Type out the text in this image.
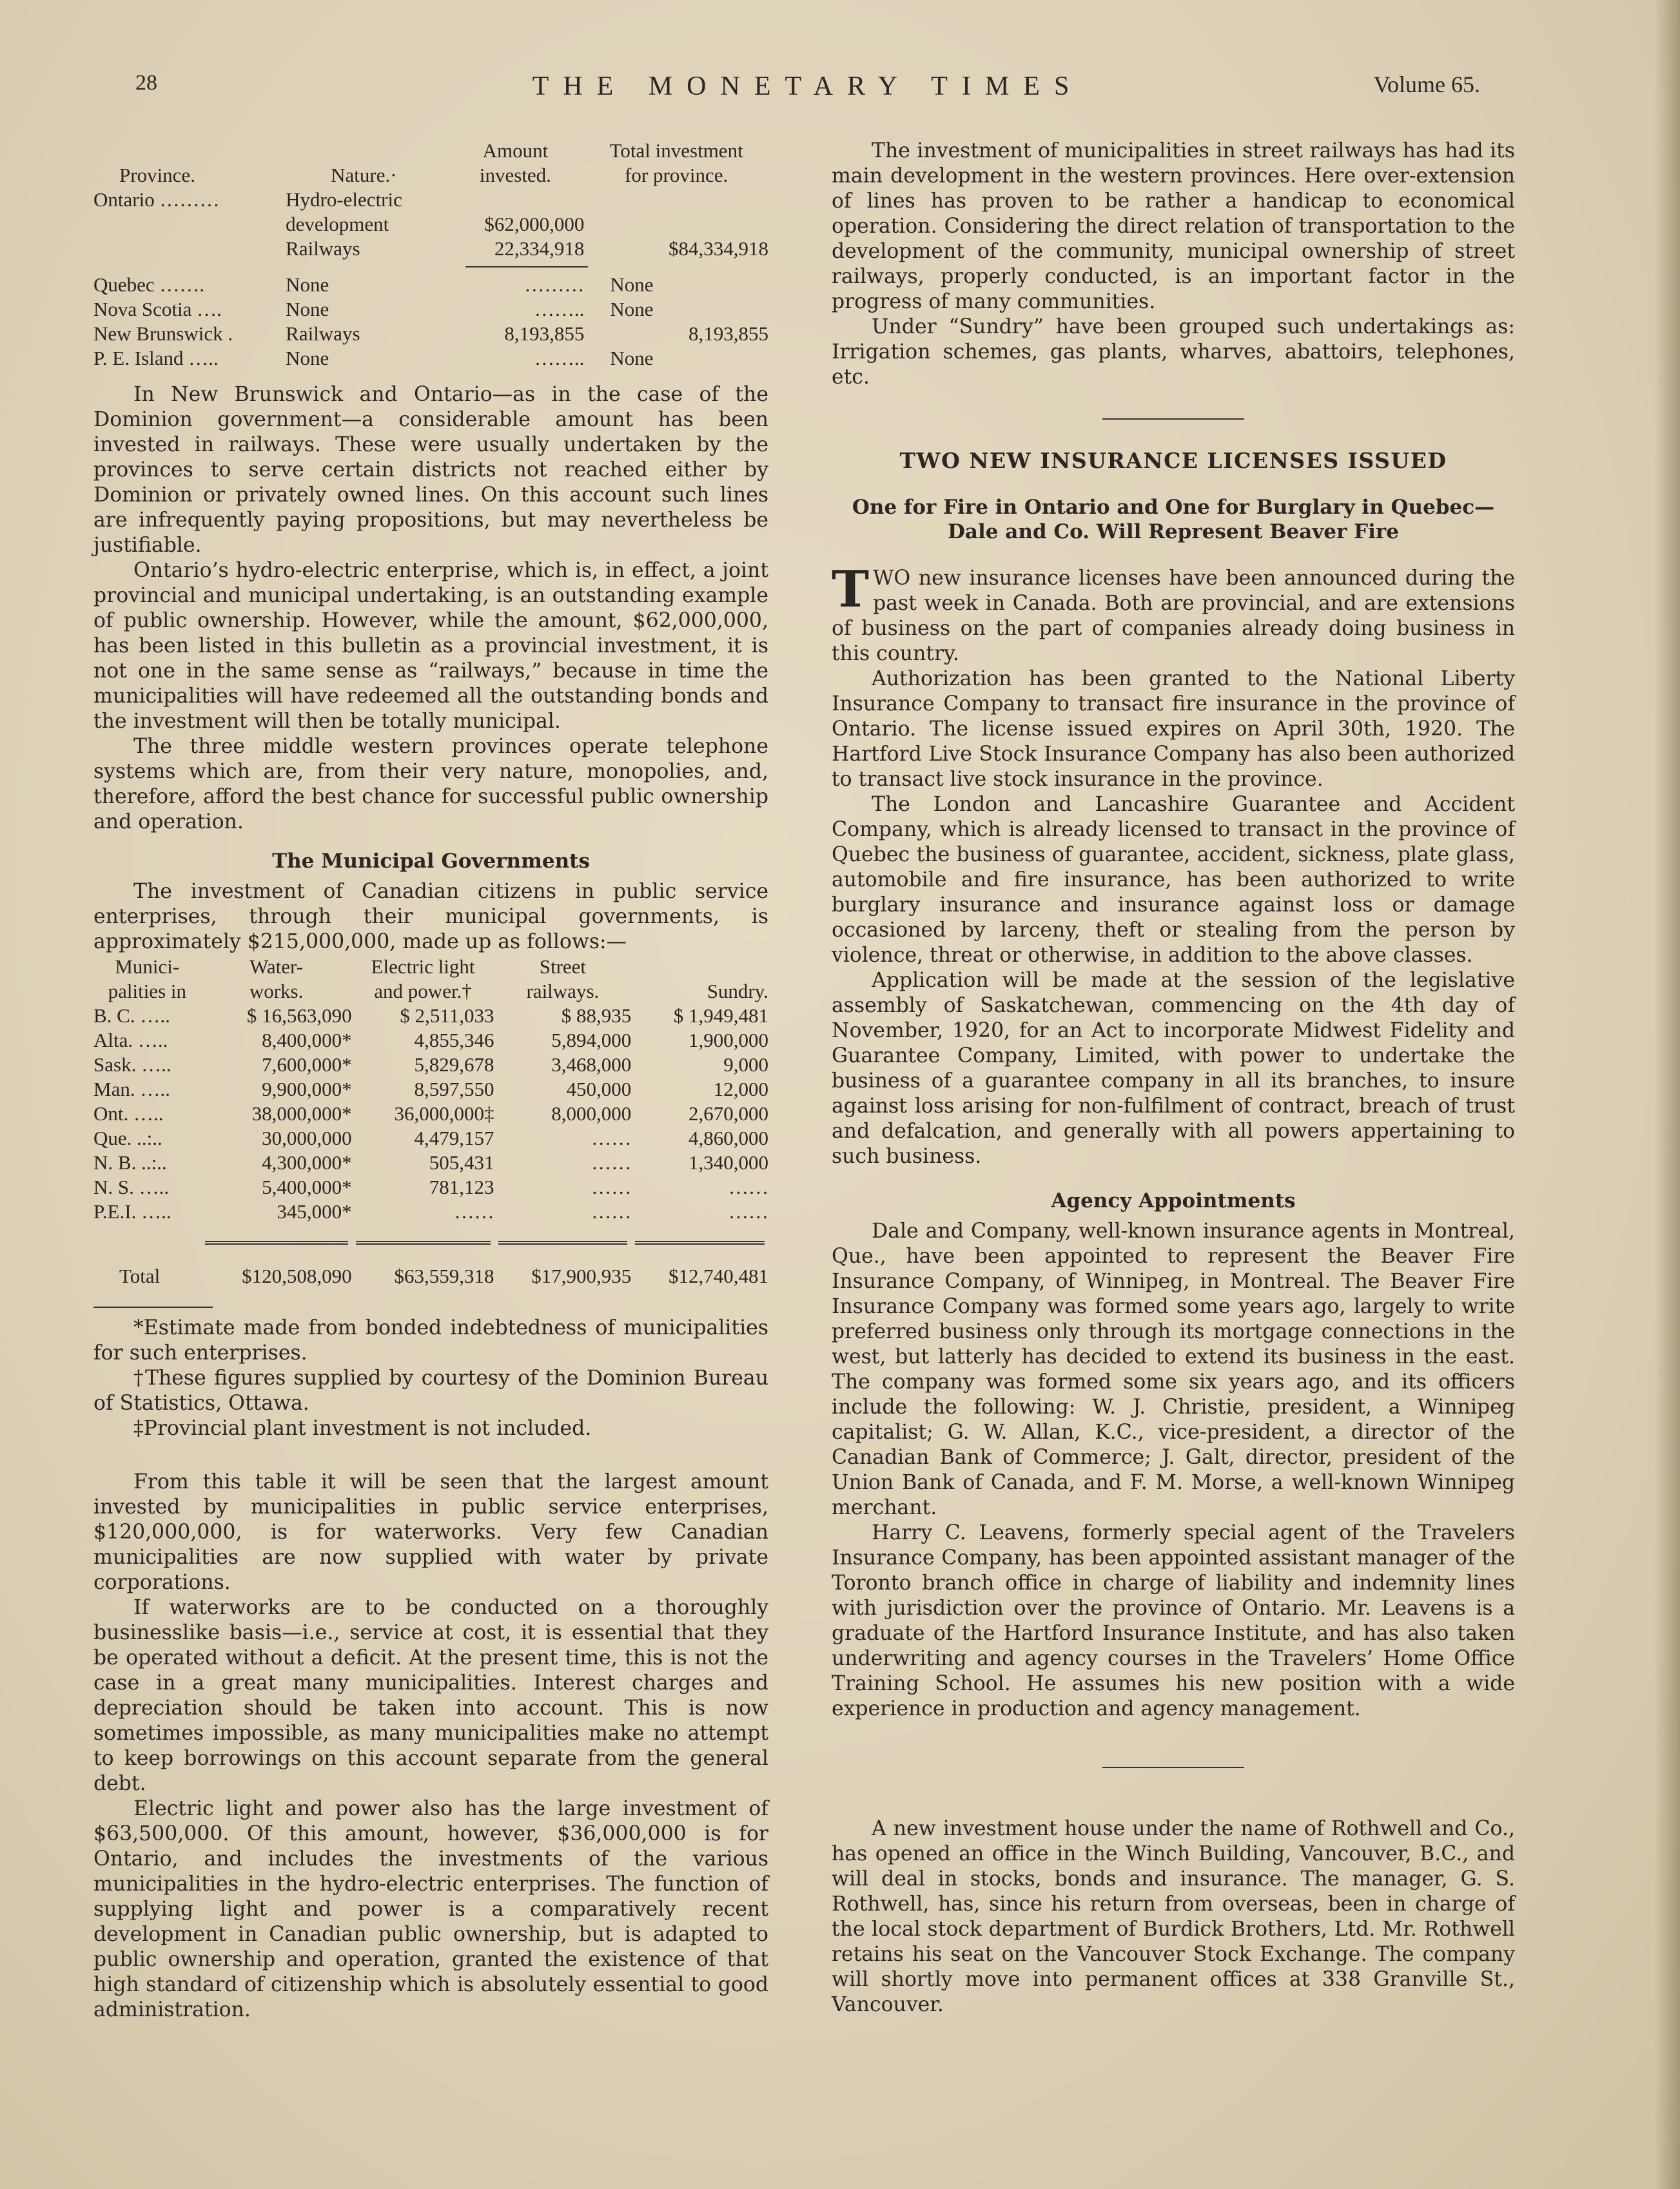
28	THE MONETARY TIMES	Volume 65.
		Amount	Total investment
Province.	Nature.·	invested.	for province.
Ontario ………	Hydro-electric		
	development	$62,000,000	
	Railways	22,334,918	$84,334,918

Quebec …….	None	………	None
Nova Scotia ….	None	……..	None
New Brunswick .	Railways	8,193,855	8,193,855
P. E. Island …..	None	……..	None

In New Brunswick and Ontario—as in the case of the Dominion government—a considerable amount has been invested in railways. These were usually undertaken by the provinces to serve certain districts not reached either by Dominion or privately owned lines. On this account such lines are infrequently paying propositions, but may nevertheless be justifiable.

Ontario’s hydro-electric enterprise, which is, in effect, a joint provincial and municipal undertaking, is an outstanding example of public ownership. However, while the amount, $62,000,000, has been listed in this bulletin as a provincial investment, it is not one in the same sense as “railways,” because in time the municipalities will have redeemed all the outstanding bonds and the investment will then be totally municipal.

The three middle western provinces operate telephone systems which are, from their very nature, monopolies, and, therefore, afford the best chance for successful public ownership and operation.

The Municipal Governments

The investment of Canadian citizens in public service enterprises, through their municipal governments, is approximately $215,000,000, made up as follows:—

Munici-	Water-	Electric light	Street	
palities in	works.	and power.†	railways.	Sundry.
B. C. …..	$ 16,563,090	$ 2,511,033	$ 88,935	$ 1,949,481
Alta. …..	8,400,000*	4,855,346	5,894,000	1,900,000
Sask. …..	7,600,000*	5,829,678	3,468,000	9,000
Man. …..	9,900,000*	8,597,550	450,000	12,000
Ont. …..	38,000,000*	36,000,000‡	8,000,000	2,670,000
Que. ..:..	30,000,000	4,479,157	……	4,860,000
N. B. ..:..	4,300,000*	505,431	……	1,340,000
N. S. …..	5,400,000*	781,123	……	……
P.E.I. …..	345,000*	……	……	……

Total	$120,508,090	$63,559,318	$17,900,935	$12,740,481

*Estimate made from bonded indebtedness of municipalities for such enterprises.

†These figures supplied by courtesy of the Dominion Bureau of Statistics, Ottawa.

‡Provincial plant investment is not included.

From this table it will be seen that the largest amount invested by municipalities in public service enterprises, $120,000,000, is for waterworks. Very few Canadian municipalities are now supplied with water by private corporations.

If waterworks are to be conducted on a thoroughly businesslike basis—i.e., service at cost, it is essential that they be operated without a deficit. At the present time, this is not the case in a great many municipalities. Interest charges and depreciation should be taken into account. This is now sometimes impossible, as many municipalities make no attempt to keep borrowings on this account separate from the general debt.

Electric light and power also has the large investment of $63,500,000. Of this amount, however, $36,000,000 is for Ontario, and includes the investments of the various municipalities in the hydro-electric enterprises. The function of supplying light and power is a comparatively recent development in Canadian public ownership, but is adapted to public ownership and operation, granted the existence of that high standard of citizenship which is absolutely essential to good administration.

The investment of municipalities in street railways has had its main development in the western provinces. Here over-extension of lines has proven to be rather a handicap to economical operation. Considering the direct relation of transportation to the development of the community, municipal ownership of street railways, properly conducted, is an important factor in the progress of many communities.

Under “Sundry” have been grouped such undertakings as: Irrigation schemes, gas plants, wharves, abattoirs, telephones, etc.

TWO NEW INSURANCE LICENSES ISSUED
One for Fire in Ontario and One for Burglary in Quebec—
Dale and Co. Will Represent Beaver Fire

TWO new insurance licenses have been announced during the past week in Canada. Both are provincial, and are extensions of business on the part of companies already doing business in this country.

Authorization has been granted to the National Liberty Insurance Company to transact fire insurance in the province of Ontario. The license issued expires on April 30th, 1920. The Hartford Live Stock Insurance Company has also been authorized to transact live stock insurance in the province.

The London and Lancashire Guarantee and Accident Company, which is already licensed to transact in the province of Quebec the business of guarantee, accident, sickness, plate glass, automobile and fire insurance, has been authorized to write burglary insurance and insurance against loss or damage occasioned by larceny, theft or stealing from the person by violence, threat or otherwise, in addition to the above classes.

Application will be made at the session of the legislative assembly of Saskatchewan, commencing on the 4th day of November, 1920, for an Act to incorporate Midwest Fidelity and Guarantee Company, Limited, with power to undertake the business of a guarantee company in all its branches, to insure against loss arising for non-fulfilment of contract, breach of trust and defalcation, and generally with all powers appertaining to such business.

Agency Appointments

Dale and Company, well-known insurance agents in Montreal, Que., have been appointed to represent the Beaver Fire Insurance Company, of Winnipeg, in Montreal. The Beaver Fire Insurance Company was formed some years ago, largely to write preferred business only through its mortgage connections in the west, but latterly has decided to extend its business in the east. The company was formed some six years ago, and its officers include the following: W. J. Christie, president, a Winnipeg capitalist; G. W. Allan, K.C., vice-president, a director of the Canadian Bank of Commerce; J. Galt, director, president of the Union Bank of Canada, and F. M. Morse, a well-known Winnipeg merchant.

Harry C. Leavens, formerly special agent of the Travelers Insurance Company, has been appointed assistant manager of the Toronto branch office in charge of liability and indemnity lines with jurisdiction over the province of Ontario. Mr. Leavens is a graduate of the Hartford Insurance Institute, and has also taken underwriting and agency courses in the Travelers’ Home Office Training School. He assumes his new position with a wide experience in production and agency management.

A new investment house under the name of Rothwell and Co., has opened an office in the Winch Building, Vancouver, B.C., and will deal in stocks, bonds and insurance. The manager, G. S. Rothwell, has, since his return from overseas, been in charge of the local stock department of Burdick Brothers, Ltd. Mr. Rothwell retains his seat on the Vancouver Stock Exchange. The company will shortly move into permanent offices at 338 Granville St., Vancouver.
